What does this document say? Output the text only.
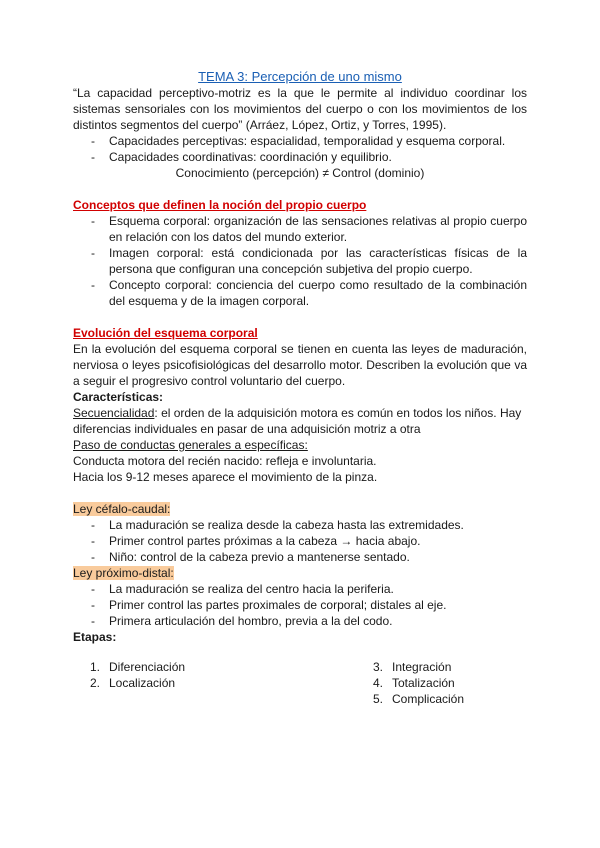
TEMA 3: Percepción de uno mismo
“La capacidad perceptivo-motriz es la que le permite al individuo coordinar los sistemas sensoriales con los movimientos del cuerpo o con los movimientos de los distintos segmentos del cuerpo” (Arráez, López, Ortiz, y Torres, 1995).
- Capacidades perceptivas: espacialidad, temporalidad y esquema corporal.
- Capacidades coordinativas: coordinación y equilibrio.
Conocimiento (percepción) ≠ Control (dominio)
Conceptos que definen la noción del propio cuerpo
- Esquema corporal: organización de las sensaciones relativas al propio cuerpo en relación con los datos del mundo exterior.
- Imagen corporal: está condicionada por las características físicas de la persona que configuran una concepción subjetiva del propio cuerpo.
- Concepto corporal: conciencia del cuerpo como resultado de la combinación del esquema y de la imagen corporal.
Evolución del esquema corporal
En la evolución del esquema corporal se tienen en cuenta las leyes de maduración, nerviosa o leyes psicofisiológicas del desarrollo motor. Describen la evolución que va a seguir el progresivo control voluntario del cuerpo.
Características:
Secuencialidad: el orden de la adquisición motora es común en todos los niños. Hay diferencias individuales en pasar de una adquisición motriz a otra
Paso de conductas generales a específicas:
Conducta motora del recién nacido: refleja e involuntaria.
Hacia los 9-12 meses aparece el movimiento de la pinza.
Ley céfalo-caudal:
- La maduración se realiza desde la cabeza hasta las extremidades.
- Primer control partes próximas a la cabeza → hacia abajo.
- Niño: control de la cabeza previo a mantenerse sentado.
Ley próximo-distal:
- La maduración se realiza del centro hacia la periferia.
- Primer control las partes proximales de corporal; distales al eje.
- Primera articulación del hombro, previa a la del codo.
Etapas:
1. Diferenciación
2. Localización
3. Integración
4. Totalización
5. Complicación
